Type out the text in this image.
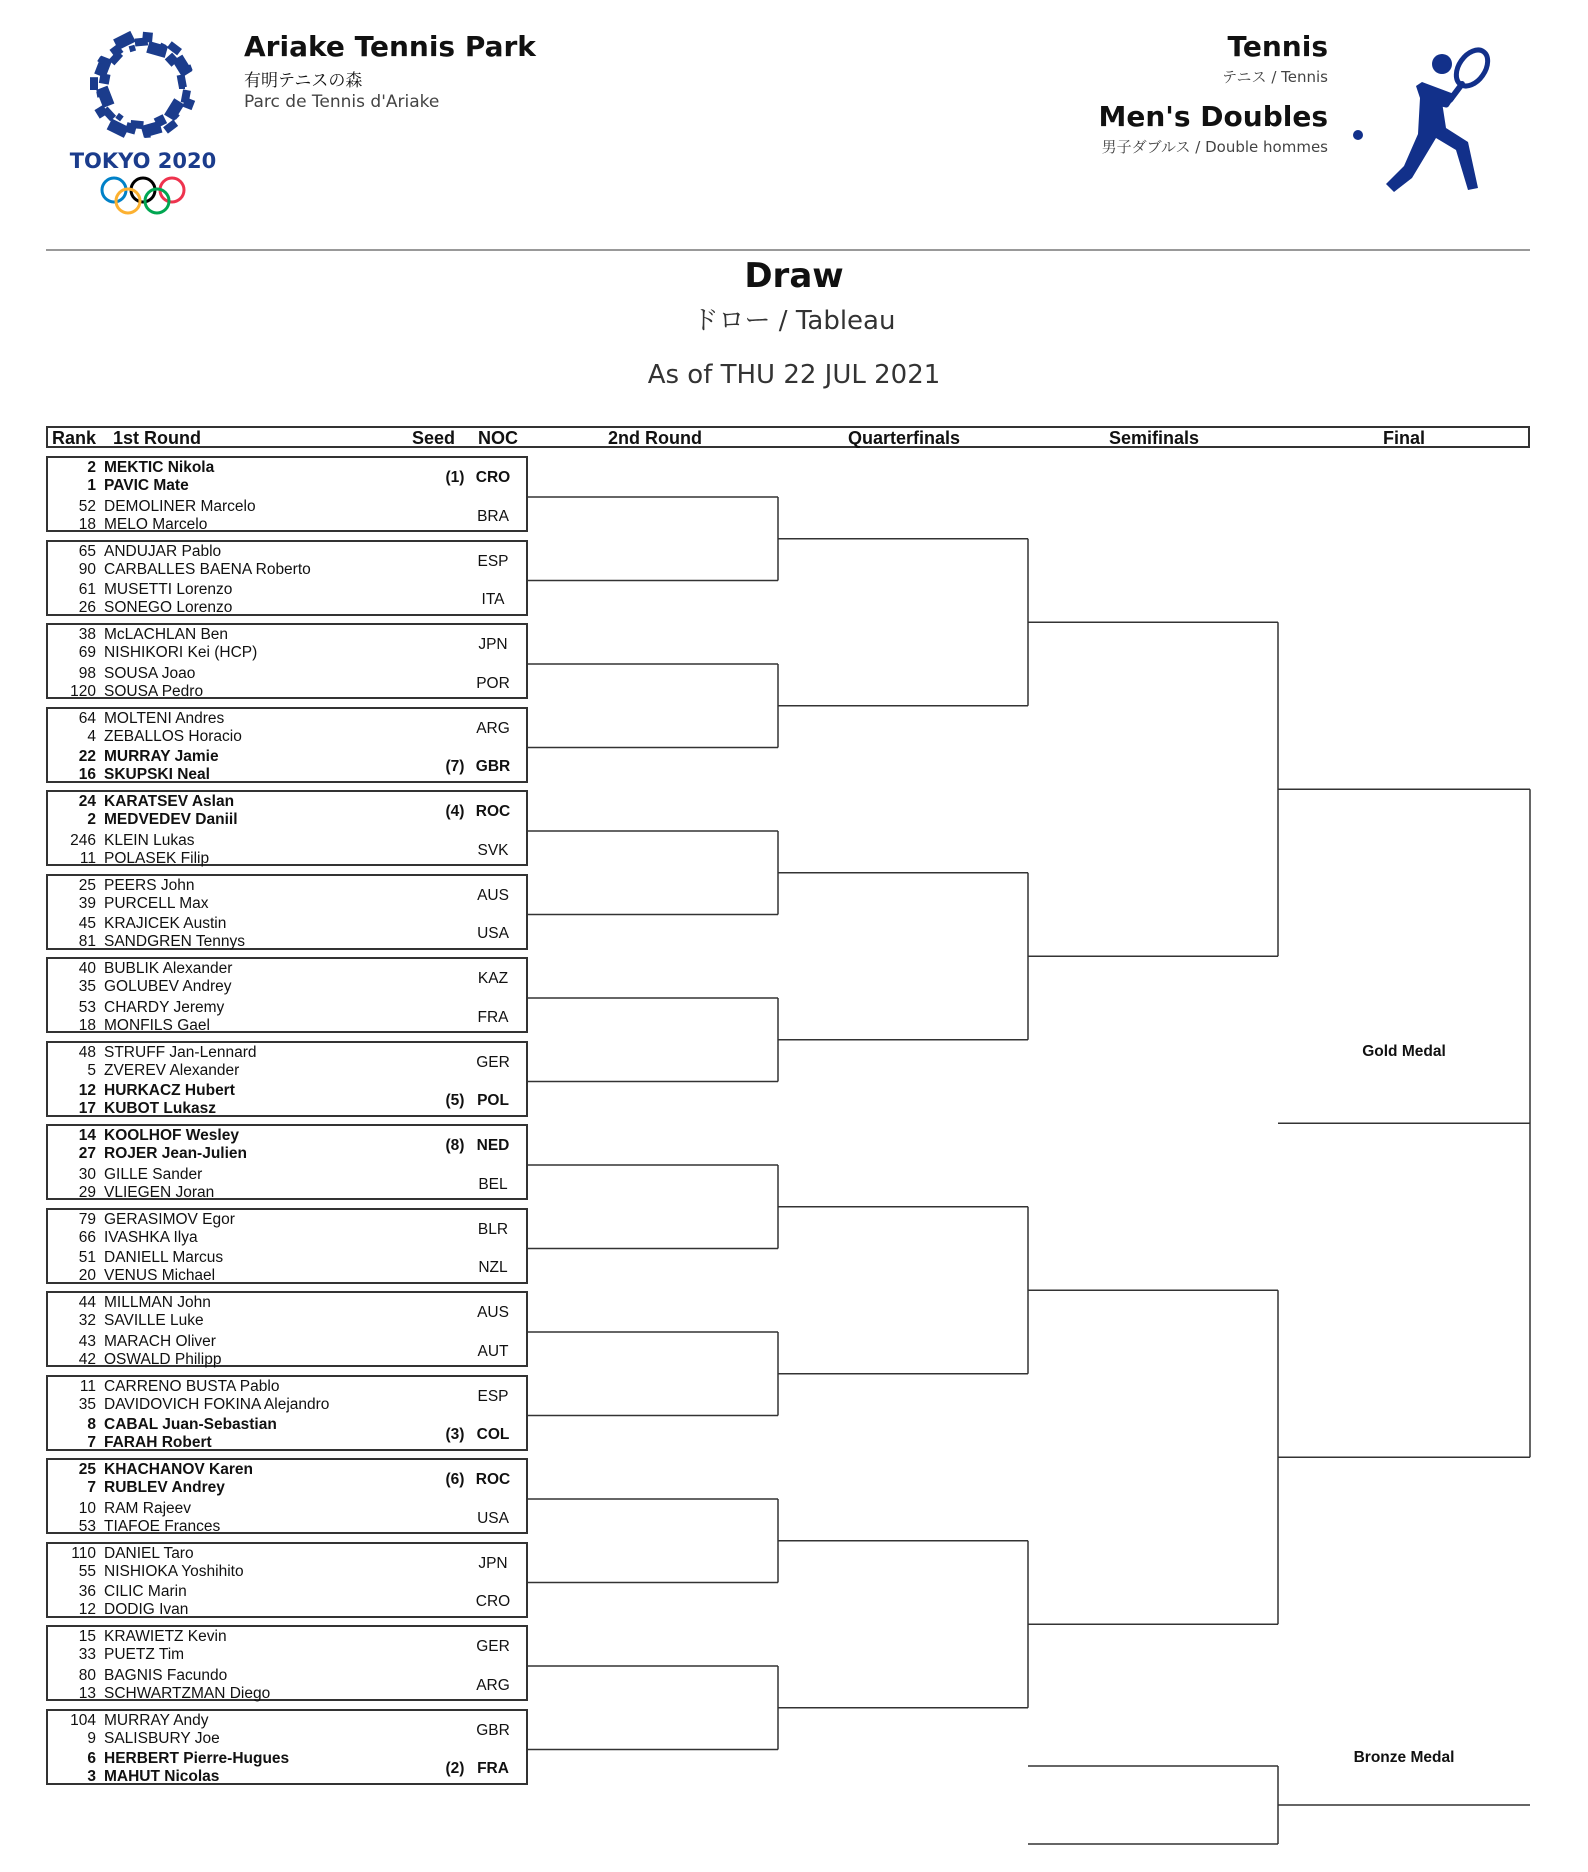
TOKYO 2020
Ariake Tennis Park
有明テニスの森
Parc de Tennis d'Ariake
Tennis
テニス / Tennis
Men's Doubles
男子ダブルス / Double hommes
Draw
ドロー / Tableau
As of THU 22 JUL 2021
Rank 1st Round	Seed NOC	2nd Round	Quarterfinals	Semifinals	Final
2 MEKTIC Nikola
1 PAVIC Mate	(1) CRO
52 DEMOLINER Marcelo
18 MELO Marcelo	BRA
65 ANDUJAR Pablo
90 CARBALLES BAENA Roberto	ESP
61 MUSETTI Lorenzo
26 SONEGO Lorenzo	ITA
38 McLACHLAN Ben
69 NISHIKORI Kei (HCP)	JPN
98 SOUSA Joao
120 SOUSA Pedro	POR
64 MOLTENI Andres
4 ZEBALLOS Horacio	ARG
22 MURRAY Jamie
16 SKUPSKI Neal	(7) GBR
24 KARATSEV Aslan
2 MEDVEDEV Daniil	(4) ROC
246 KLEIN Lukas
11 POLASEK Filip	SVK
25 PEERS John
39 PURCELL Max	AUS
45 KRAJICEK Austin
81 SANDGREN Tennys	USA
40 BUBLIK Alexander
35 GOLUBEV Andrey	KAZ
53 CHARDY Jeremy
18 MONFILS Gael	FRA
48 STRUFF Jan-Lennard
5 ZVEREV Alexander	GER
12 HURKACZ Hubert
17 KUBOT Lukasz	(5) POL
14 KOOLHOF Wesley
27 ROJER Jean-Julien	(8) NED
30 GILLE Sander
29 VLIEGEN Joran	BEL
79 GERASIMOV Egor
66 IVASHKA Ilya	BLR
51 DANIELL Marcus
20 VENUS Michael	NZL
44 MILLMAN John
32 SAVILLE Luke	AUS
43 MARACH Oliver
42 OSWALD Philipp	AUT
11 CARRENO BUSTA Pablo
35 DAVIDOVICH FOKINA Alejandro	ESP
8 CABAL Juan-Sebastian
7 FARAH Robert	(3) COL
25 KHACHANOV Karen
7 RUBLEV Andrey	(6) ROC
10 RAM Rajeev
53 TIAFOE Frances	USA
110 DANIEL Taro
55 NISHIOKA Yoshihito	JPN
36 CILIC Marin
12 DODIG Ivan	CRO
15 KRAWIETZ Kevin
33 PUETZ Tim	GER
80 BAGNIS Facundo
13 SCHWARTZMAN Diego	ARG
104 MURRAY Andy
9 SALISBURY Joe	GBR
6 HERBERT Pierre-Hugues
3 MAHUT Nicolas	(2) FRA
Gold Medal
Bronze Medal
